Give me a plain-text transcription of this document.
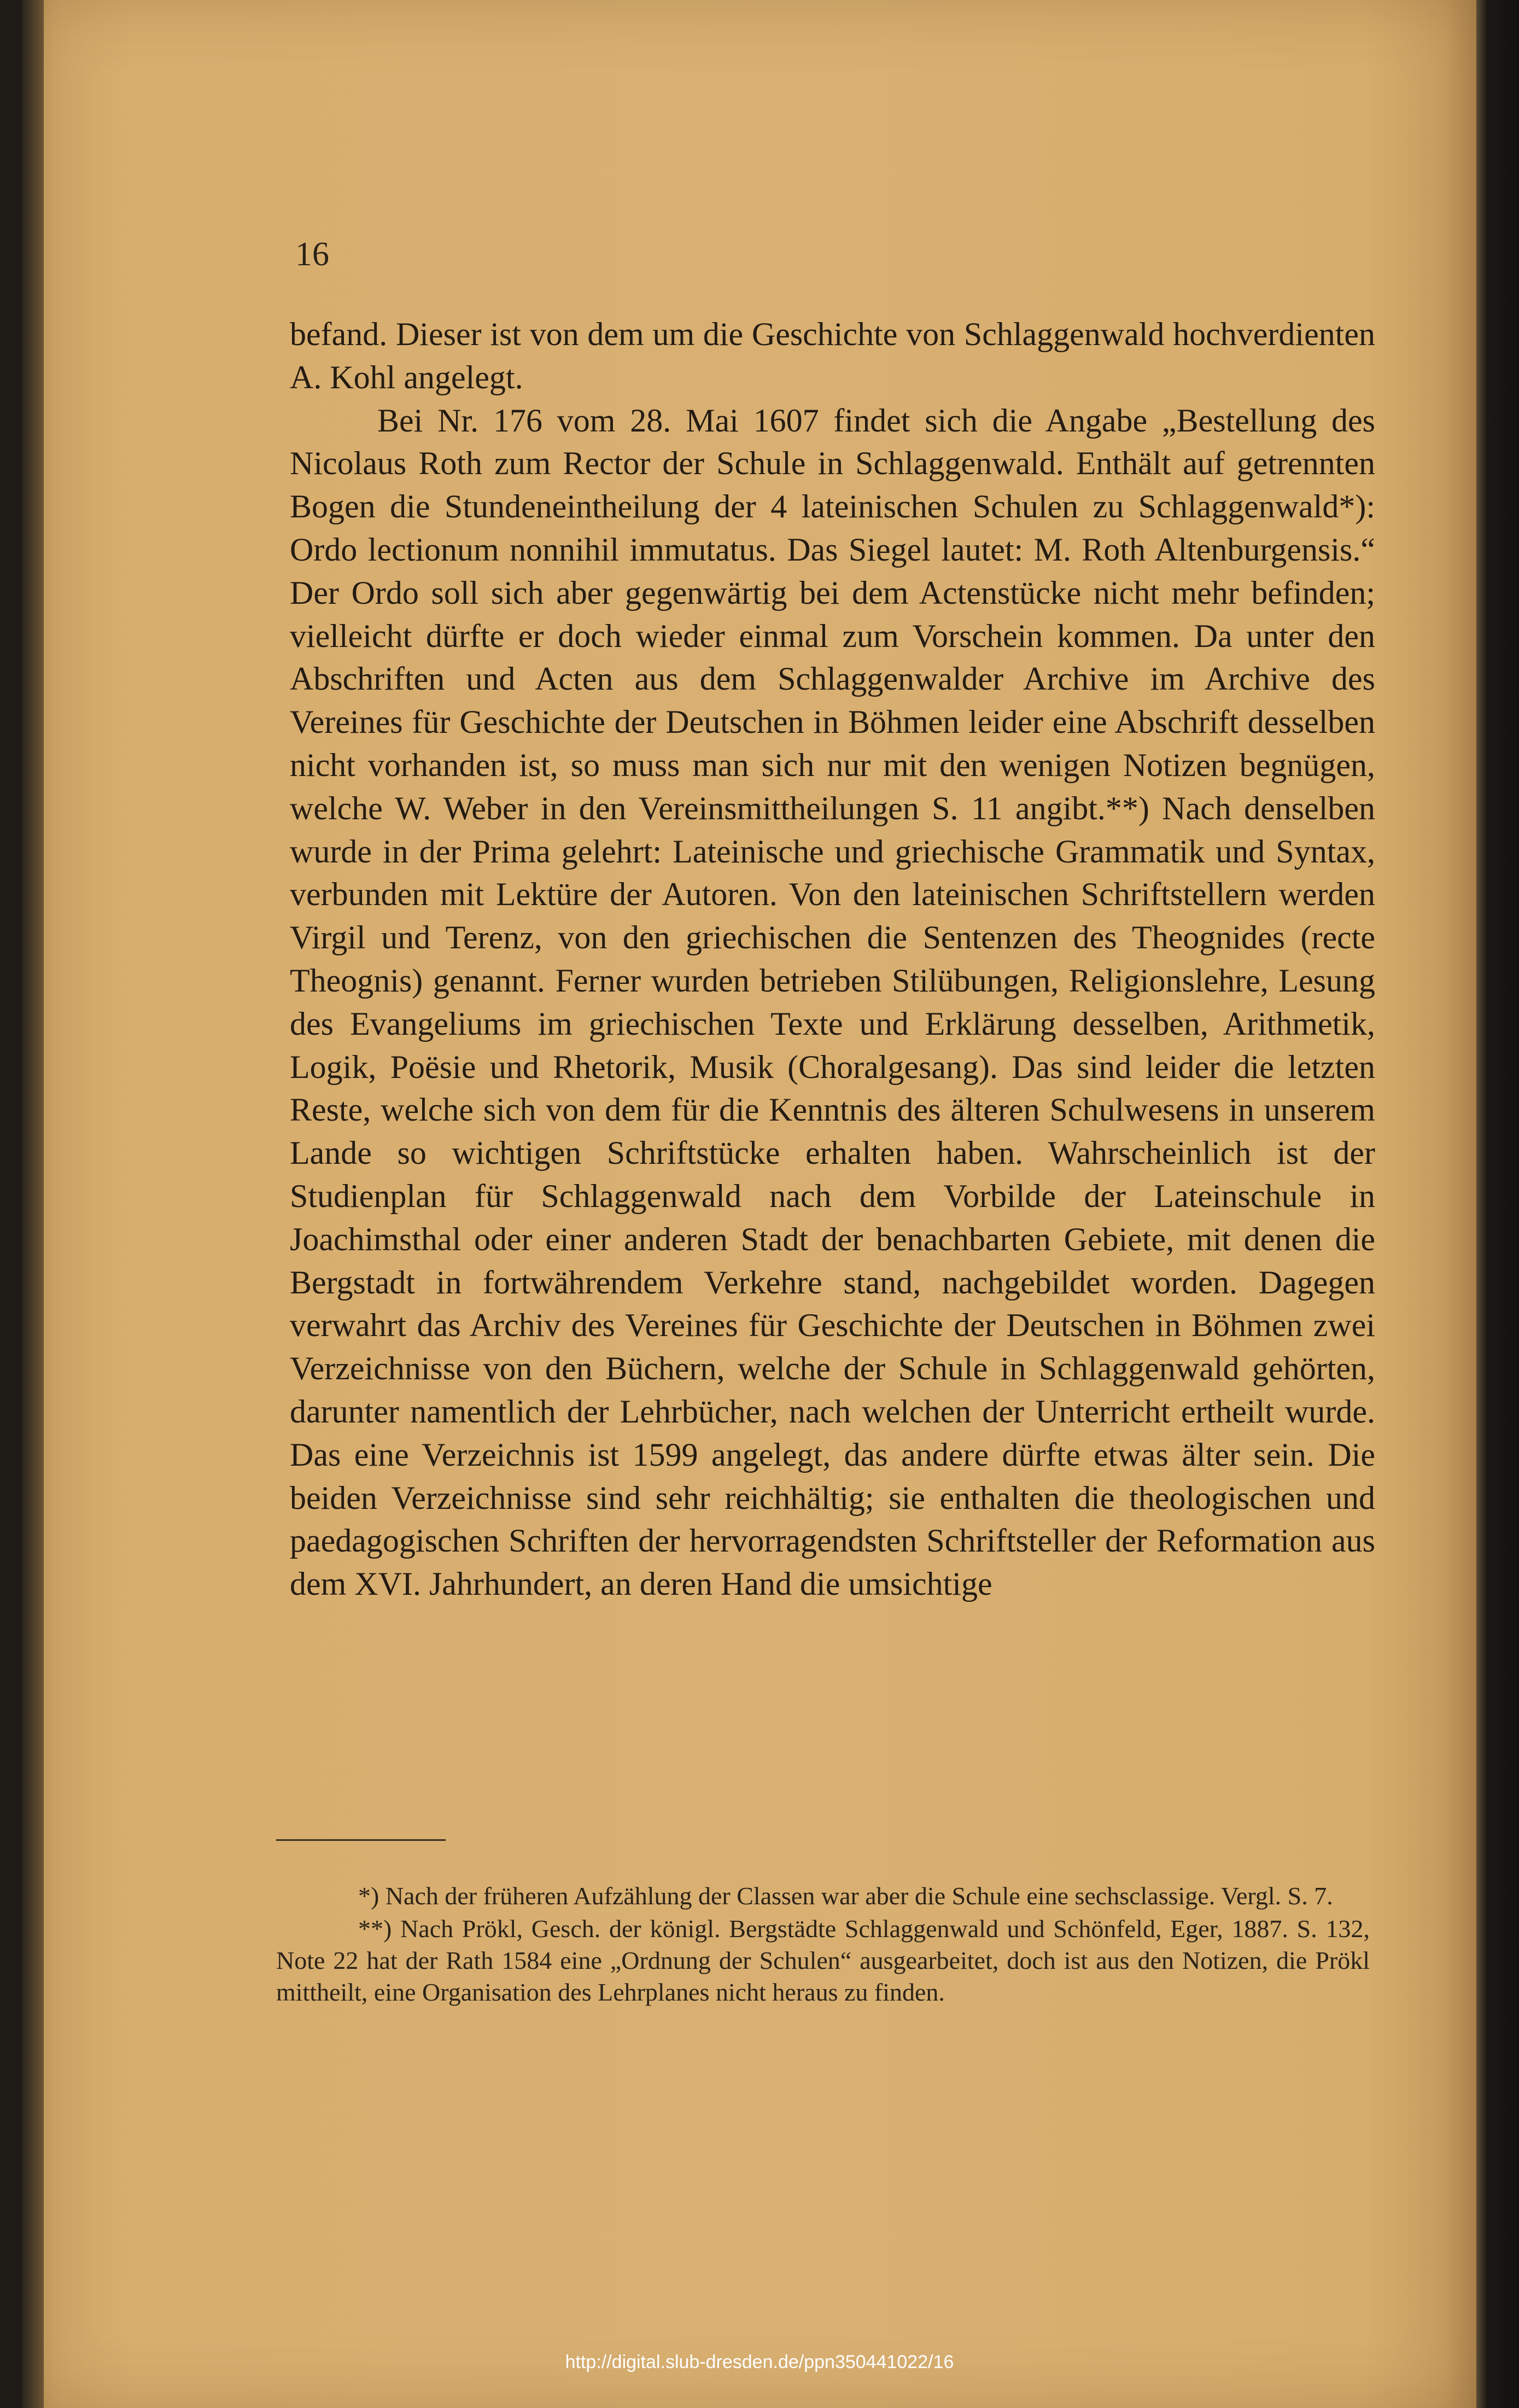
16

befand. Dieser ist von dem um die Geschichte von Schlaggenwald hochverdienten A. Kohl angelegt.

Bei Nr. 176 vom 28. Mai 1607 findet sich die Angabe „Bestellung des Nicolaus Roth zum Rector der Schule in Schlaggenwald. Enthält auf getrennten Bogen die Stundeneintheilung der 4 lateinischen Schulen zu Schlaggenwald*): Ordo lectionum nonnihil immutatus. Das Siegel lautet: M. Roth Altenburgensis.“ Der Ordo soll sich aber gegenwärtig bei dem Actenstücke nicht mehr befinden; vielleicht dürfte er doch wieder einmal zum Vorschein kommen. Da unter den Abschriften und Acten aus dem Schlaggenwalder Archive im Archive des Vereines für Geschichte der Deutschen in Böhmen leider eine Abschrift desselben nicht vorhanden ist, so muss man sich nur mit den wenigen Notizen begnügen, welche W. Weber in den Vereinsmittheilungen S. 11 angibt.**) Nach denselben wurde in der Prima gelehrt: Lateinische und griechische Grammatik und Syntax, verbunden mit Lektüre der Autoren. Von den lateinischen Schriftstellern werden Virgil und Terenz, von den griechischen die Sentenzen des Theognides (recte Theognis) genannt. Ferner wurden betrieben Stilübungen, Religionslehre, Lesung des Evangeliums im griechischen Texte und Erklärung desselben, Arithmetik, Logik, Poësie und Rhetorik, Musik (Choralgesang). Das sind leider die letzten Reste, welche sich von dem für die Kenntnis des älteren Schulwesens in unserem Lande so wichtigen Schriftstücke erhalten haben. Wahrscheinlich ist der Studienplan für Schlaggenwald nach dem Vorbilde der Lateinschule in Joachimsthal oder einer anderen Stadt der benachbarten Gebiete, mit denen die Bergstadt in fortwährendem Verkehre stand, nachgebildet worden. Dagegen verwahrt das Archiv des Vereines für Geschichte der Deutschen in Böhmen zwei Verzeichnisse von den Büchern, welche der Schule in Schlaggenwald gehörten, darunter namentlich der Lehrbücher, nach welchen der Unterricht ertheilt wurde. Das eine Verzeichnis ist 1599 angelegt, das andere dürfte etwas älter sein. Die beiden Verzeichnisse sind sehr reichhältig; sie enthalten die theologischen und paedagogischen Schriften der hervorragendsten Schriftsteller der Reformation aus dem XVI. Jahrhundert, an deren Hand die umsichtige

*) Nach der früheren Aufzählung der Classen war aber die Schule eine sechsclassige. Vergl. S. 7.

**) Nach Prökl, Gesch. der königl. Bergstädte Schlaggenwald und Schönfeld, Eger, 1887. S. 132, Note 22 hat der Rath 1584 eine „Ordnung der Schulen“ ausgearbeitet, doch ist aus den Notizen, die Prökl mittheilt, eine Organisation des Lehrplanes nicht heraus zu finden.

http://digital.slub-dresden.de/ppn350441022/16
